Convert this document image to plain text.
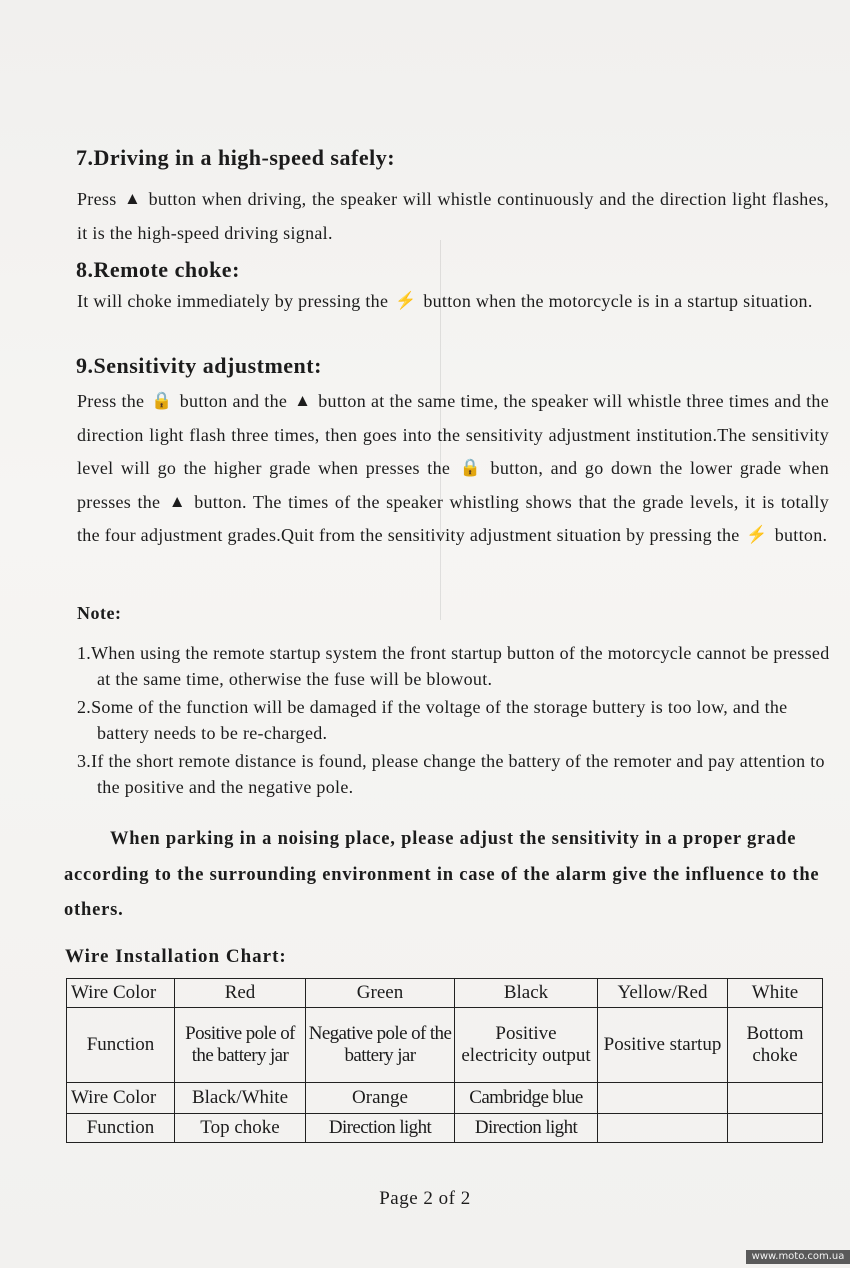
7.Driving in a high-speed safely:

Press ▲ button when driving, the speaker will whistle continuously and the direction light flashes, it is the high-speed driving signal.

8.Remote choke:

It will choke immediately by pressing the ⚡ button when the motorcycle is in a startup situation.

9.Sensitivity adjustment:

Press the 🔒 button and the ▲ button at the same time, the speaker will whistle three times and the direction light flash three times, then goes into the sensitivity adjustment institution.The sensitivity level will go the higher grade when presses the 🔒 button, and go down the lower grade when presses the ▲ button. The times of the speaker whistling shows that the grade levels, it is totally the four adjustment grades.Quit from the sensitivity adjustment situation by pressing the ⚡ button.

Note:

1.When using the remote startup system the front startup button of the motorcycle cannot be pressed at the same time, otherwise the fuse will be blowout.
2.Some of the function will be damaged if the voltage of the storage buttery is too low, and the battery needs to be re-charged.
3.If the short remote distance is found, please change the battery of the remoter and pay attention to the positive and the negative pole.

When parking in a noising place, please adjust the sensitivity in a proper grade according to the surrounding environment in case of the alarm give the influence to the others.

Wire Installation Chart:

Wire Color	Red	Green	Black	Yellow/Red	White
Function	Positive pole of the battery jar	Negative pole of the battery jar	Positive electricity output	Positive startup	Bottom choke
Wire Color	Black/White	Orange	Cambridge blue		
Function	Top choke	Direction light	Direction light		
Page 2 of 2
www.moto.com.ua
